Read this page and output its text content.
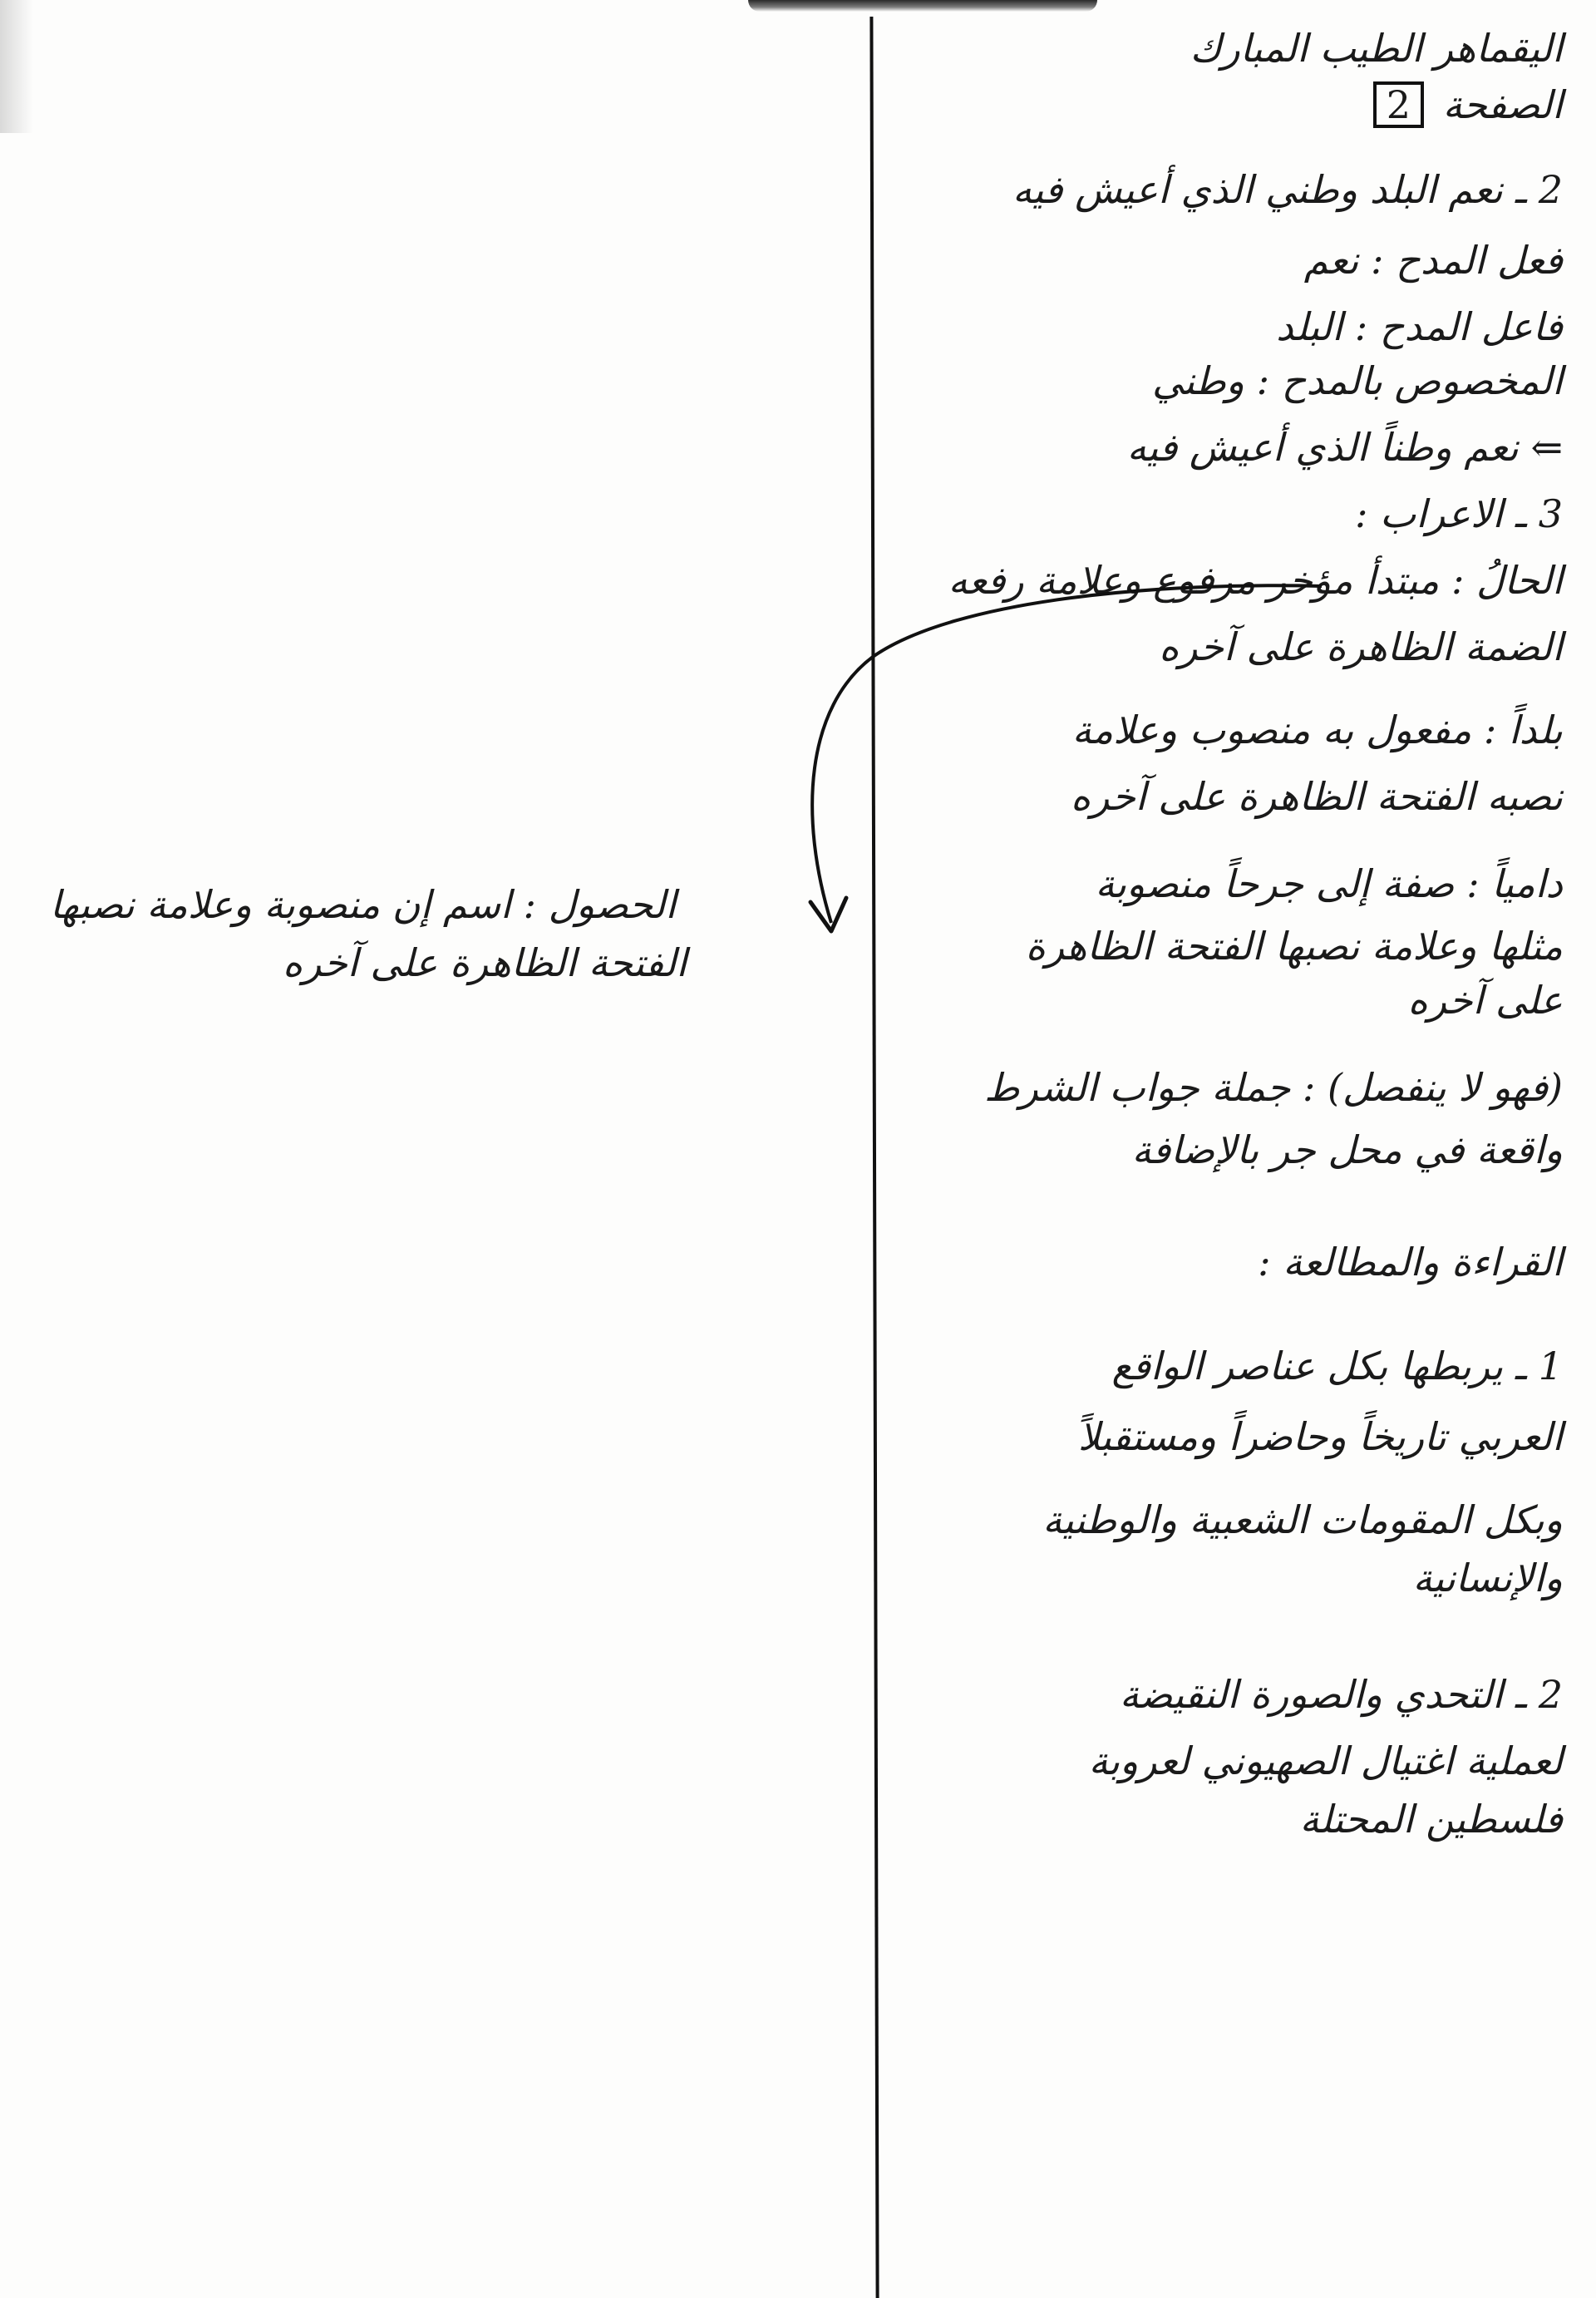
اليقماهر الطيب المبارك
الصفحة 2
2 ـ نعم البلد وطني الذي أعيش فيه
فعل المدح : نعم
فاعل المدح : البلد
المخصوص بالمدح : وطني
⇐ نعم وطناً الذي أعيش فيه
3 ـ الاعراب :
الحالُ : مبتدأ مؤخر مرفوع وعلامة رفعه
الضمة الظاهرة على آخره
بلداً : مفعول به منصوب وعلامة
نصبه الفتحة الظاهرة على آخره
دامياً : صفة إلى جرحاً منصوبة
مثلها وعلامة نصبها الفتحة الظاهرة
على آخره
(فهو لا ينفصل) : جملة جواب الشرط
واقعة في محل جر بالإضافة
القراءة والمطالعة :
1 ـ يربطها بكل عناصر الواقع
العربي تاريخاً وحاضراً ومستقبلاً
وبكل المقومات الشعبية والوطنية
والإنسانية
2 ـ التحدي والصورة النقيضة
لعملية اغتيال الصهيوني لعروبة
فلسطين المحتلة
الحصول : اسم إن منصوبة وعلامة نصبها
الفتحة الظاهرة على آخره
